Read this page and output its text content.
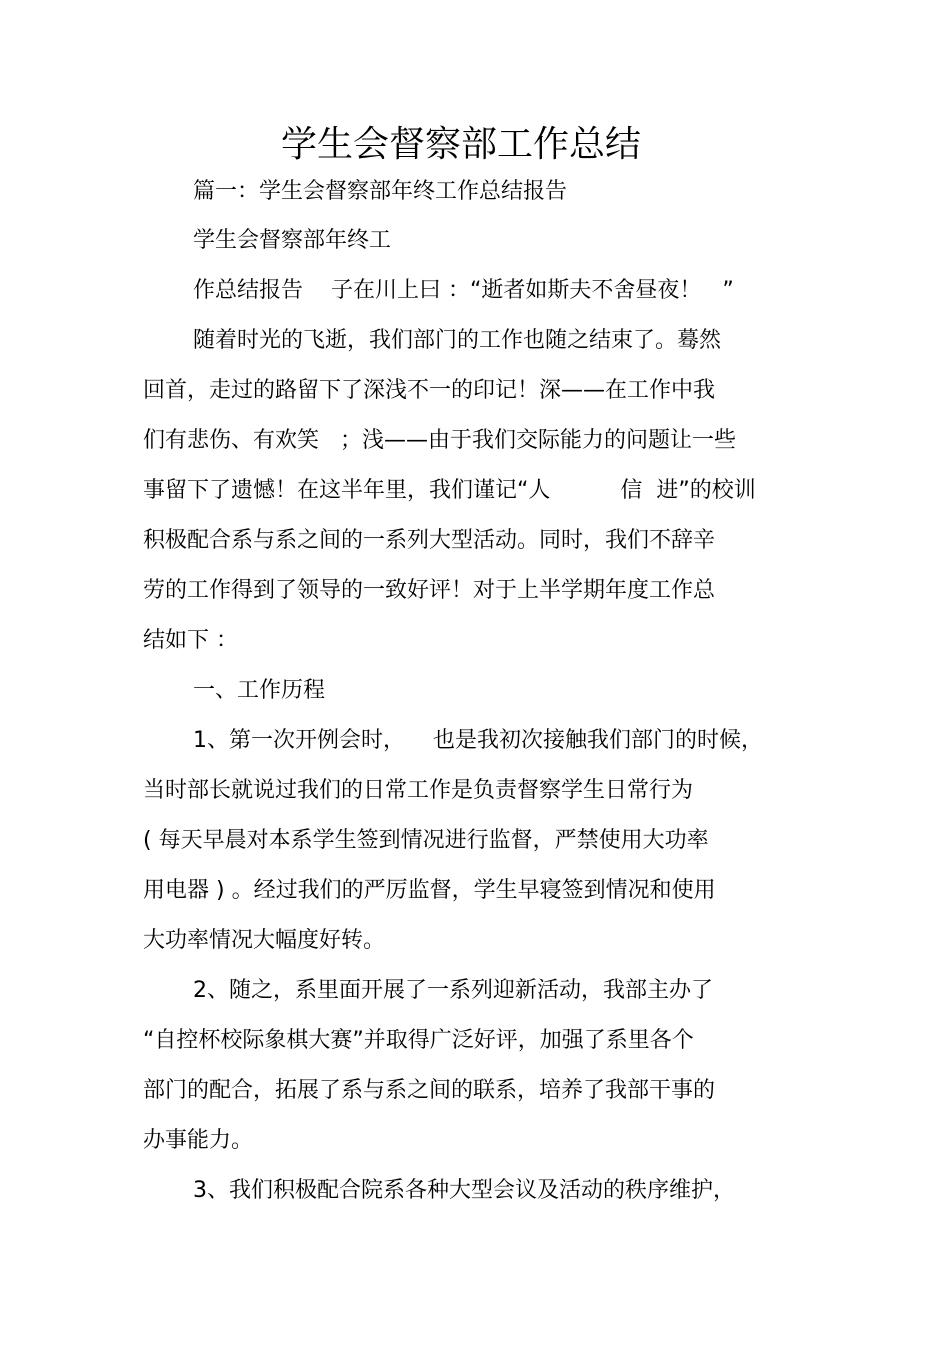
学生会督察部工作总结
篇一：学生会督察部年终工作总结报告
学生会督察部年终工
作总结报告    子在川上曰 ：“逝者如斯夫不舍昼夜！   ”
随着时光的飞逝，我们部门的工作也随之结束了。蓦然
回首，走过的路留下了深浅不一的印记！深——在工作中我
们有悲伤、有欢笑   ；浅——由于我们交际能力的问题让一些
事留下了遗憾！在这半年里，我们谨记“人          信  进”的校训
积极配合系与系之间的一系列大型活动。同时，我们不辞辛
劳的工作得到了领导的一致好评！对于上半学期年度工作总
结如下 ：
一、工作历程
1、第一次开例会时，    也是我初次接触我们部门的时候，
当时部长就说过我们的日常工作是负责督察学生日常行为
( 每天早晨对本系学生签到情况进行监督，严禁使用大功率
用电器 ) 。经过我们的严厉监督，学生早寝签到情况和使用
大功率情况大幅度好转。
2、随之，系里面开展了一系列迎新活动，我部主办了
“自控杯校际象棋大赛”并取得广泛好评，加强了系里各个
部门的配合，拓展了系与系之间的联系，培养了我部干事的
办事能力。
3、我们积极配合院系各种大型会议及活动的秩序维护，
